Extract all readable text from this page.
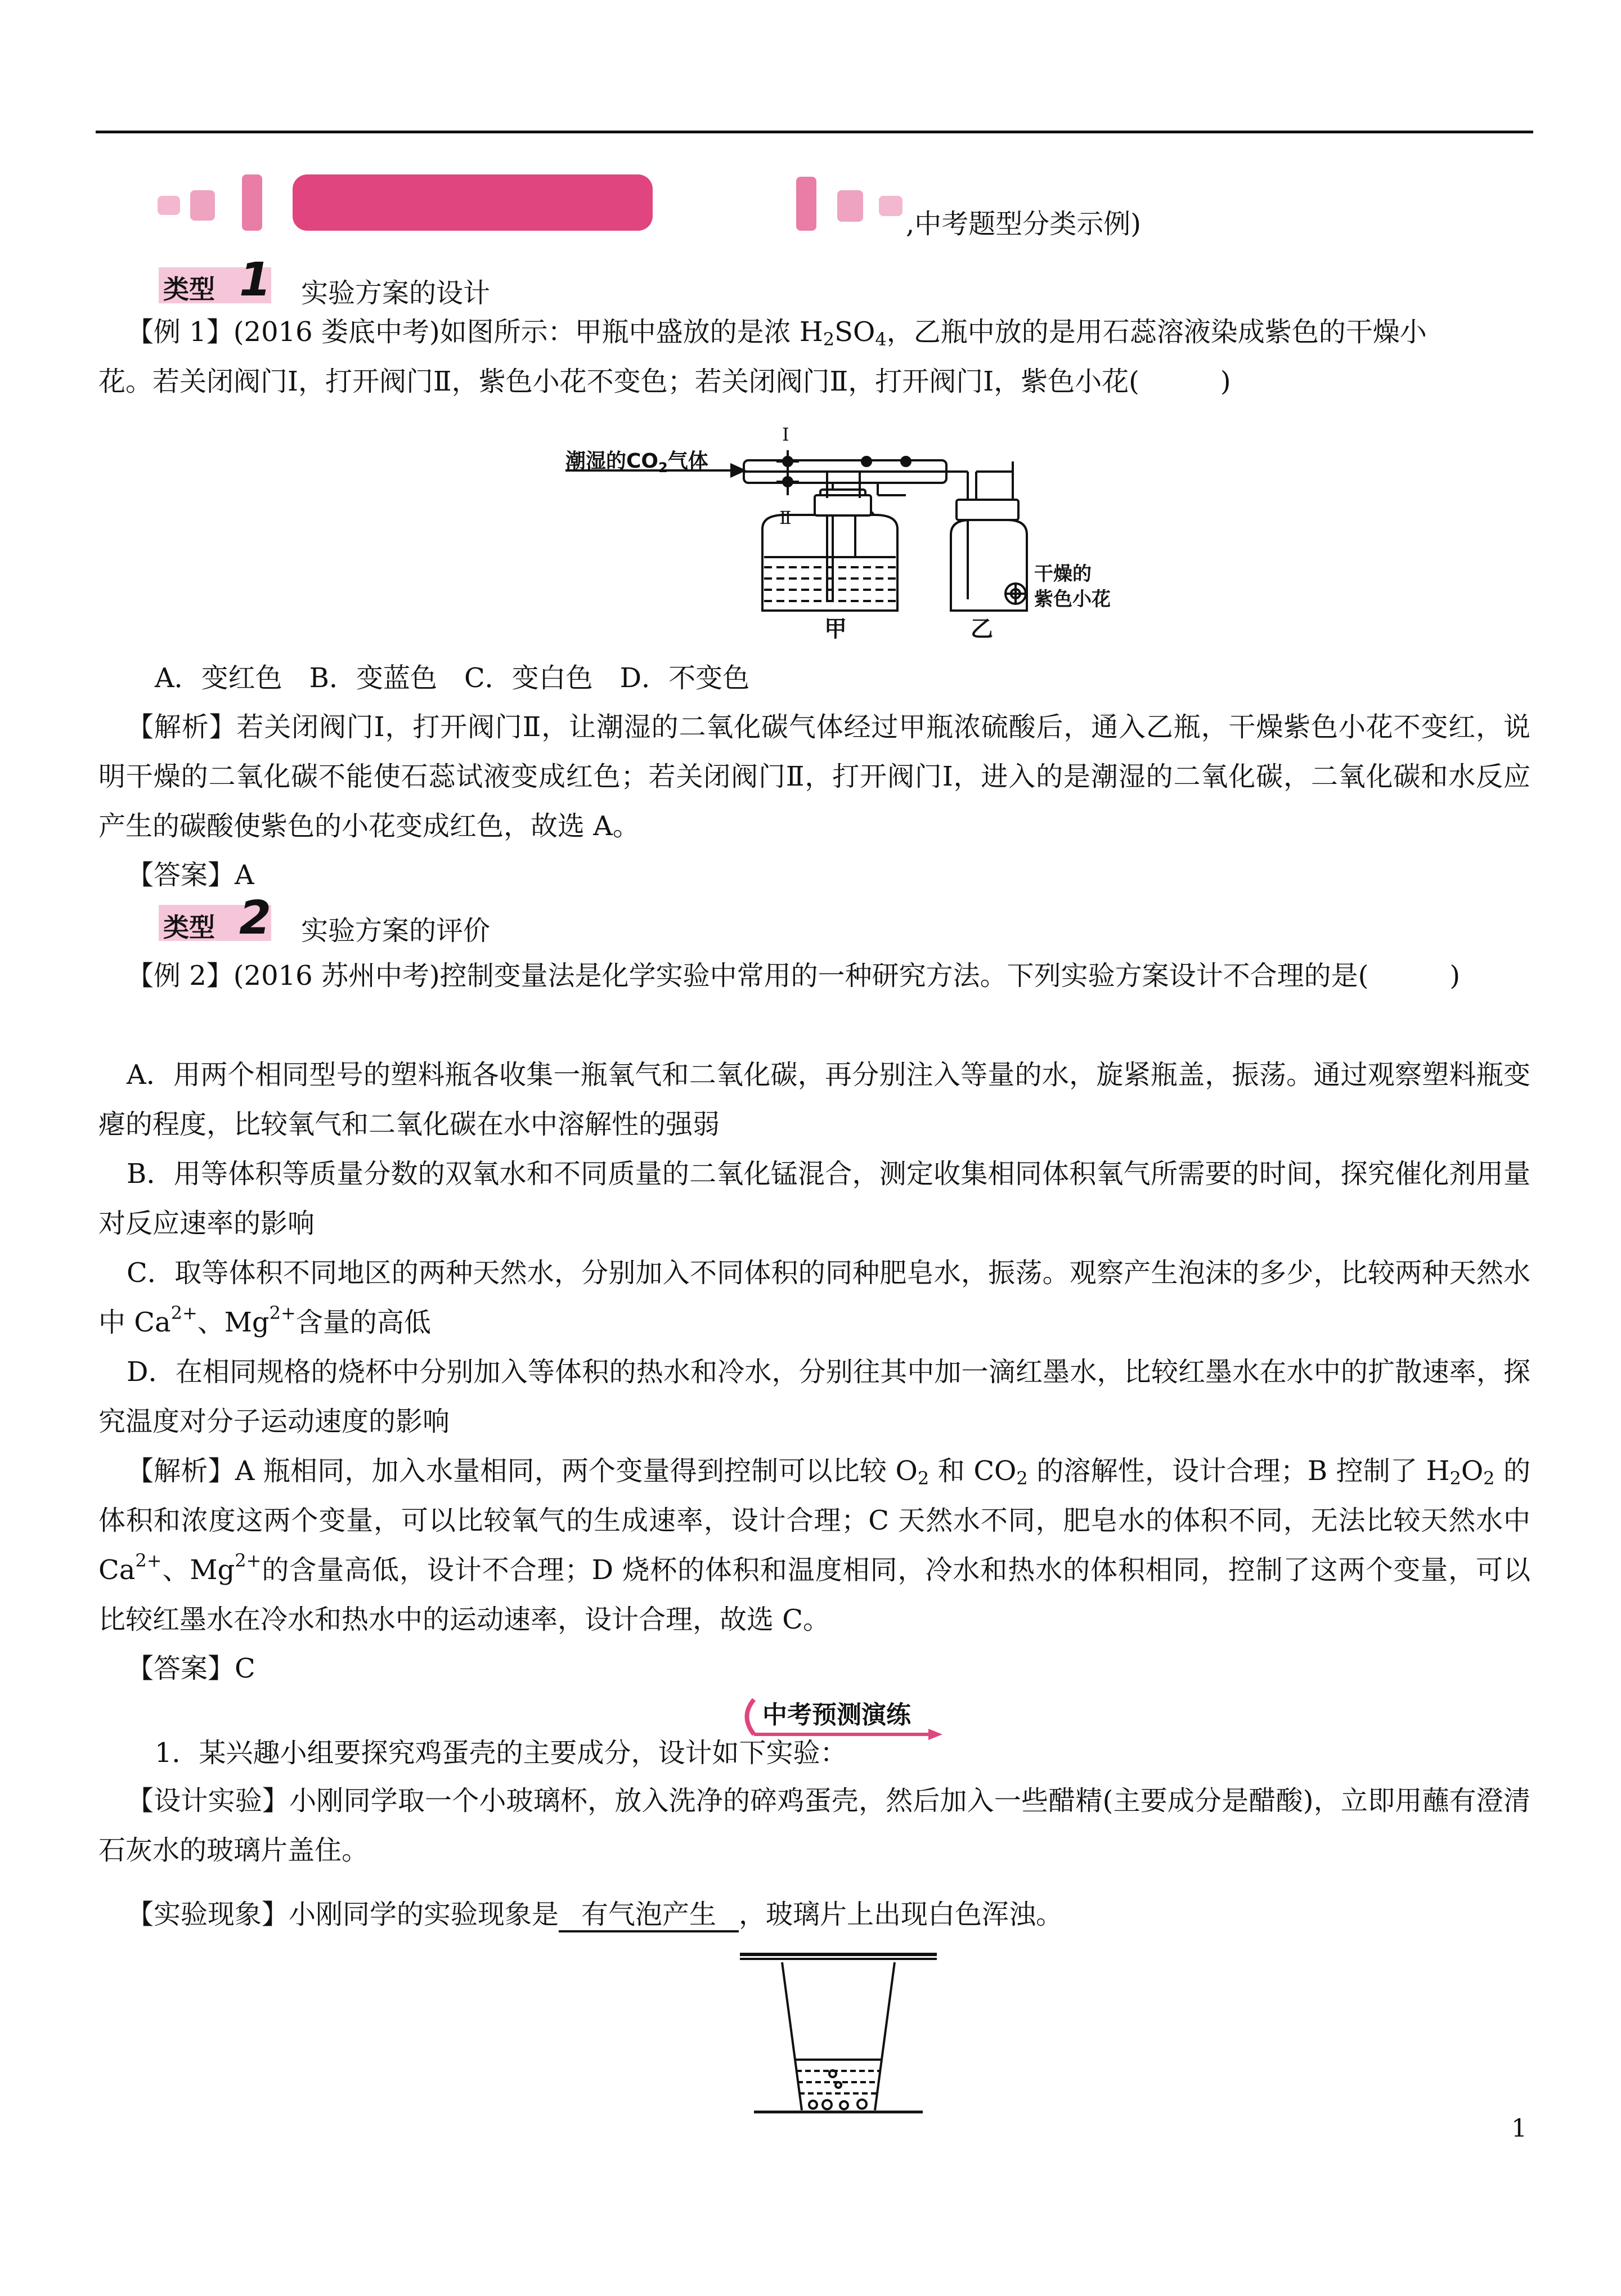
,中考题型分类示例)
类型 1 实验方案的设计
【例 1】(2016 娄底中考)如图所示：甲瓶中盛放的是浓 $H_2SO_4$，乙瓶中放的是用石蕊溶液染成紫色的干燥小
花。若关闭阀门Ⅰ，打开阀门Ⅱ，紫色小花不变色；若关闭阀门Ⅱ，打开阀门Ⅰ，紫色小花(　　　)
潮湿的$CO_2$气体
Ⅰ
Ⅱ
甲	乙
干燥的
紫色小花
A．变红色　B．变蓝色　C．变白色　D．不变色

【解析】若关闭阀门Ⅰ，打开阀门Ⅱ，让潮湿的二氧化碳气体经过甲瓶浓硫酸后，通入乙瓶，干燥紫色小花不变红，说明干燥的二氧化碳不能使石蕊试液变成红色；若关闭阀门Ⅱ，打开阀门Ⅰ，进入的是潮湿的二氧化碳，二氧化碳和水反应产生的碳酸使紫色的小花变成红色，故选 A。

【答案】A
类型 2 实验方案的评价

【例 2】(2016 苏州中考)控制变量法是化学实验中常用的一种研究方法。下列实验方案设计不合理的是(　　　)

A．用两个相同型号的塑料瓶各收集一瓶氧气和二氧化碳，再分别注入等量的水，旋紧瓶盖，振荡。通过观察塑料瓶变瘪的程度，比较氧气和二氧化碳在水中溶解性的强弱

B．用等体积等质量分数的双氧水和不同质量的二氧化锰混合，测定收集相同体积氧气所需要的时间，探究催化剂用量对反应速率的影响

C．取等体积不同地区的两种天然水，分别加入不同体积的同种肥皂水，振荡。观察产生泡沫的多少，比较两种天然水中 $Ca^{2+}$、$Mg^{2+}$含量的高低

D．在相同规格的烧杯中分别加入等体积的热水和冷水，分别往其中加一滴红墨水，比较红墨水在水中的扩散速率，探究温度对分子运动速度的影响

【解析】A 瓶相同，加入水量相同，两个变量得到控制可以比较 $O_2$ 和 $CO_2$ 的溶解性，设计合理；B 控制了 $H_2O_2$ 的体积和浓度这两个变量，可以比较氧气的生成速率，设计合理；C 天然水不同，肥皂水的体积不同，无法比较天然水中 $Ca^{2+}$、$Mg^{2+}$的含量高低，设计不合理；D 烧杯的体积和温度相同，冷水和热水的体积相同，控制了这两个变量，可以比较红墨水在冷水和热水中的运动速率，设计合理，故选 C。

【答案】C
中考预测演练
1．某兴趣小组要探究鸡蛋壳的主要成分，设计如下实验：

【设计实验】小刚同学取一个小玻璃杯，放入洗净的碎鸡蛋壳，然后加入一些醋精(主要成分是醋酸)，立即用蘸有澄清石灰水的玻璃片盖住。

【实验现象】小刚同学的实验现象是 有气泡产生 ，玻璃片上出现白色浑浊。
1
